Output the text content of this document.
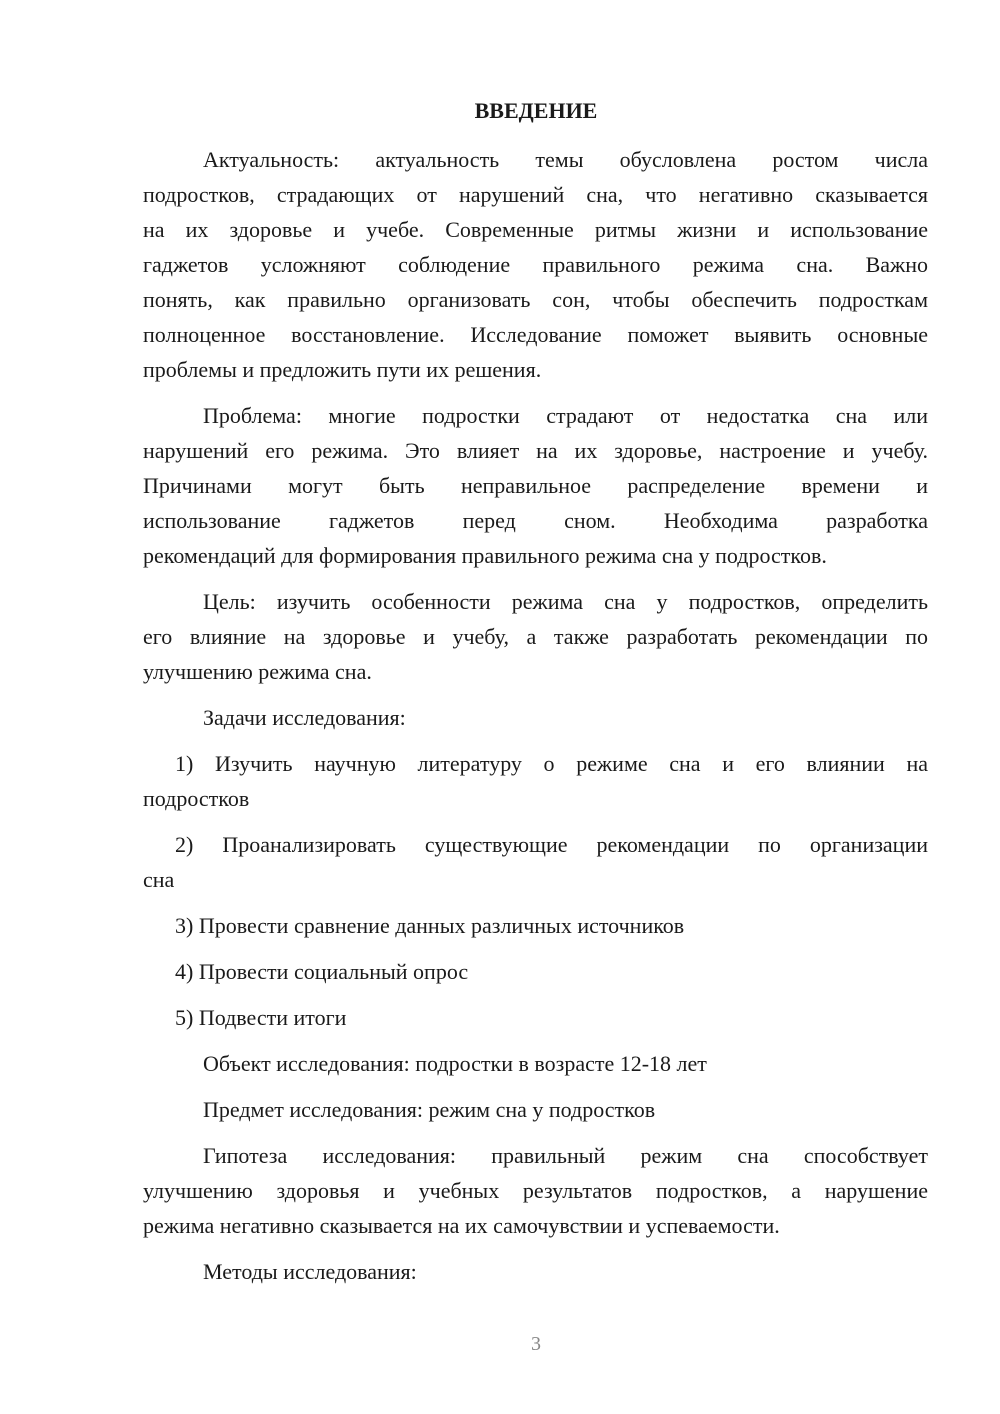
ВВЕДЕНИЕ
Актуальность: актуальность темы обусловлена ростом числа
подростков, страдающих от нарушений сна, что негативно сказывается
на их здоровье и учебе. Современные ритмы жизни и использование
гаджетов усложняют соблюдение правильного режима сна. Важно
понять, как правильно организовать сон, чтобы обеспечить подросткам
полноценное восстановление. Исследование поможет выявить основные
проблемы и предложить пути их решения.
Проблема: многие подростки страдают от недостатка сна или
нарушений его режима. Это влияет на их здоровье, настроение и учебу.
Причинами могут быть неправильное распределение времени и
использование гаджетов перед сном. Необходима разработка
рекомендаций для формирования правильного режима сна у подростков.
Цель: изучить особенности режима сна у подростков, определить
его влияние на здоровье и учебу, а также разработать рекомендации по
улучшению режима сна.
Задачи исследования:
1) Изучить научную литературу о режиме сна и его влиянии на
подростков
2) Проанализировать существующие рекомендации по организации
сна
3) Провести сравнение данных различных источников
4) Провести социальный опрос
5) Подвести итоги
Объект исследования: подростки в возрасте 12-18 лет
Предмет исследования: режим сна у подростков
Гипотеза исследования: правильный режим сна способствует
улучшению здоровья и учебных результатов подростков, а нарушение
режима негативно сказывается на их самочувствии и успеваемости.
Методы исследования:
3
